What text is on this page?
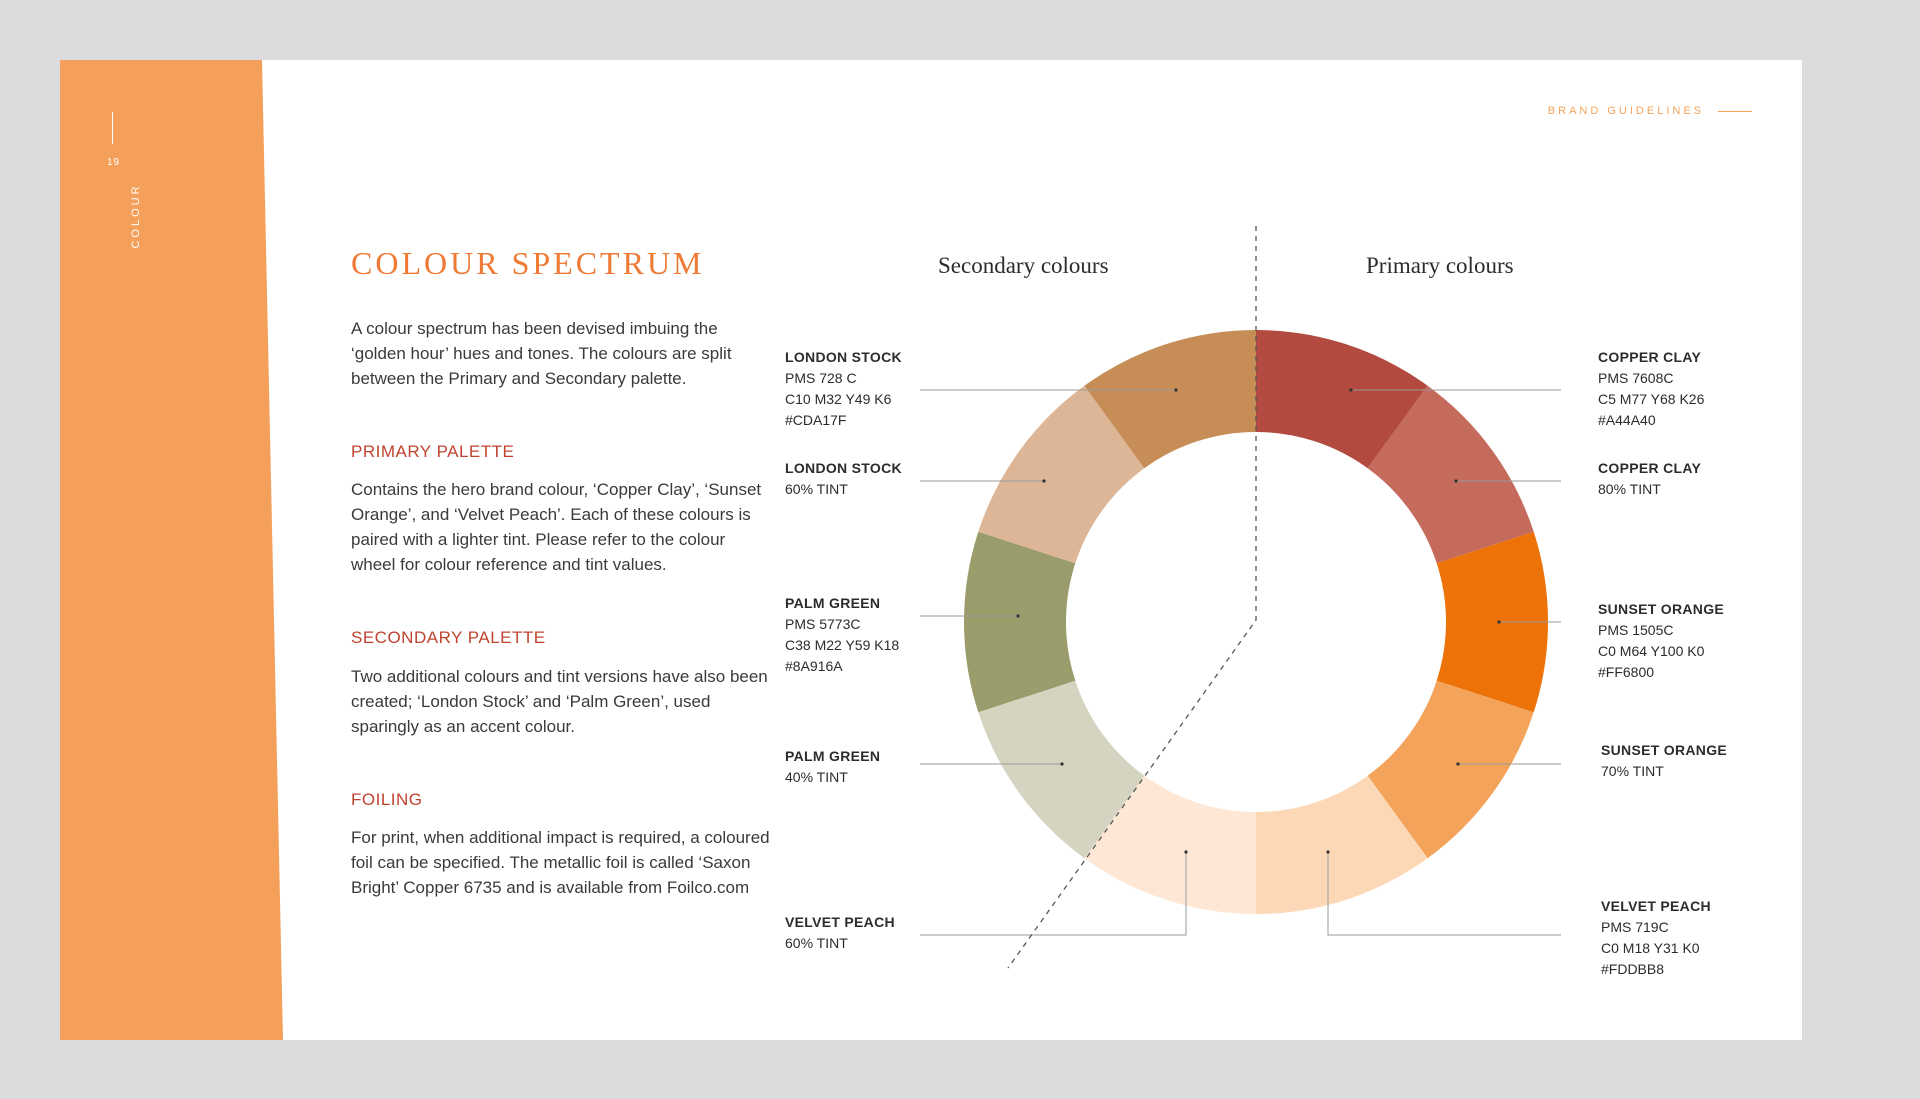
19
COLOUR
BRAND GUIDELINES
COLOUR SPECTRUM

A colour spectrum has been devised imbuing the ‘golden hour’ hues and tones. The colours are split between the Primary and Secondary palette.

PRIMARY PALETTE

Contains the hero brand colour, ‘Copper Clay’, ‘Sunset Orange’, and ‘Velvet Peach’. Each of these colours is paired with a lighter tint. Please refer to the colour wheel for colour reference and tint values.

SECONDARY PALETTE

Two additional colours and tint versions have also been created; ‘London Stock’ and ‘Palm Green’, used sparingly as an accent colour.

FOILING

For print, when additional impact is required, a coloured foil can be specified. The metallic foil is called ‘Saxon Bright’ Copper 6735 and is available from Foilco.com

Secondary colours	Primary colours
COPPER CLAY
PMS 7608C
C5 M77 Y68 K26
#A44A40
COPPER CLAY
80% TINT
SUNSET ORANGE
PMS 1505C
C0 M64 Y100 K0
#FF6800
SUNSET ORANGE
70% TINT
VELVET PEACH
PMS 719C
C0 M18 Y31 K0
#FDDBB8
LONDON STOCK
PMS 728 C
C10 M32 Y49 K6
#CDA17F
LONDON STOCK
60% TINT
PALM GREEN
PMS 5773C
C38 M22 Y59 K18
#8A916A
PALM GREEN
40% TINT
VELVET PEACH
60% TINT
